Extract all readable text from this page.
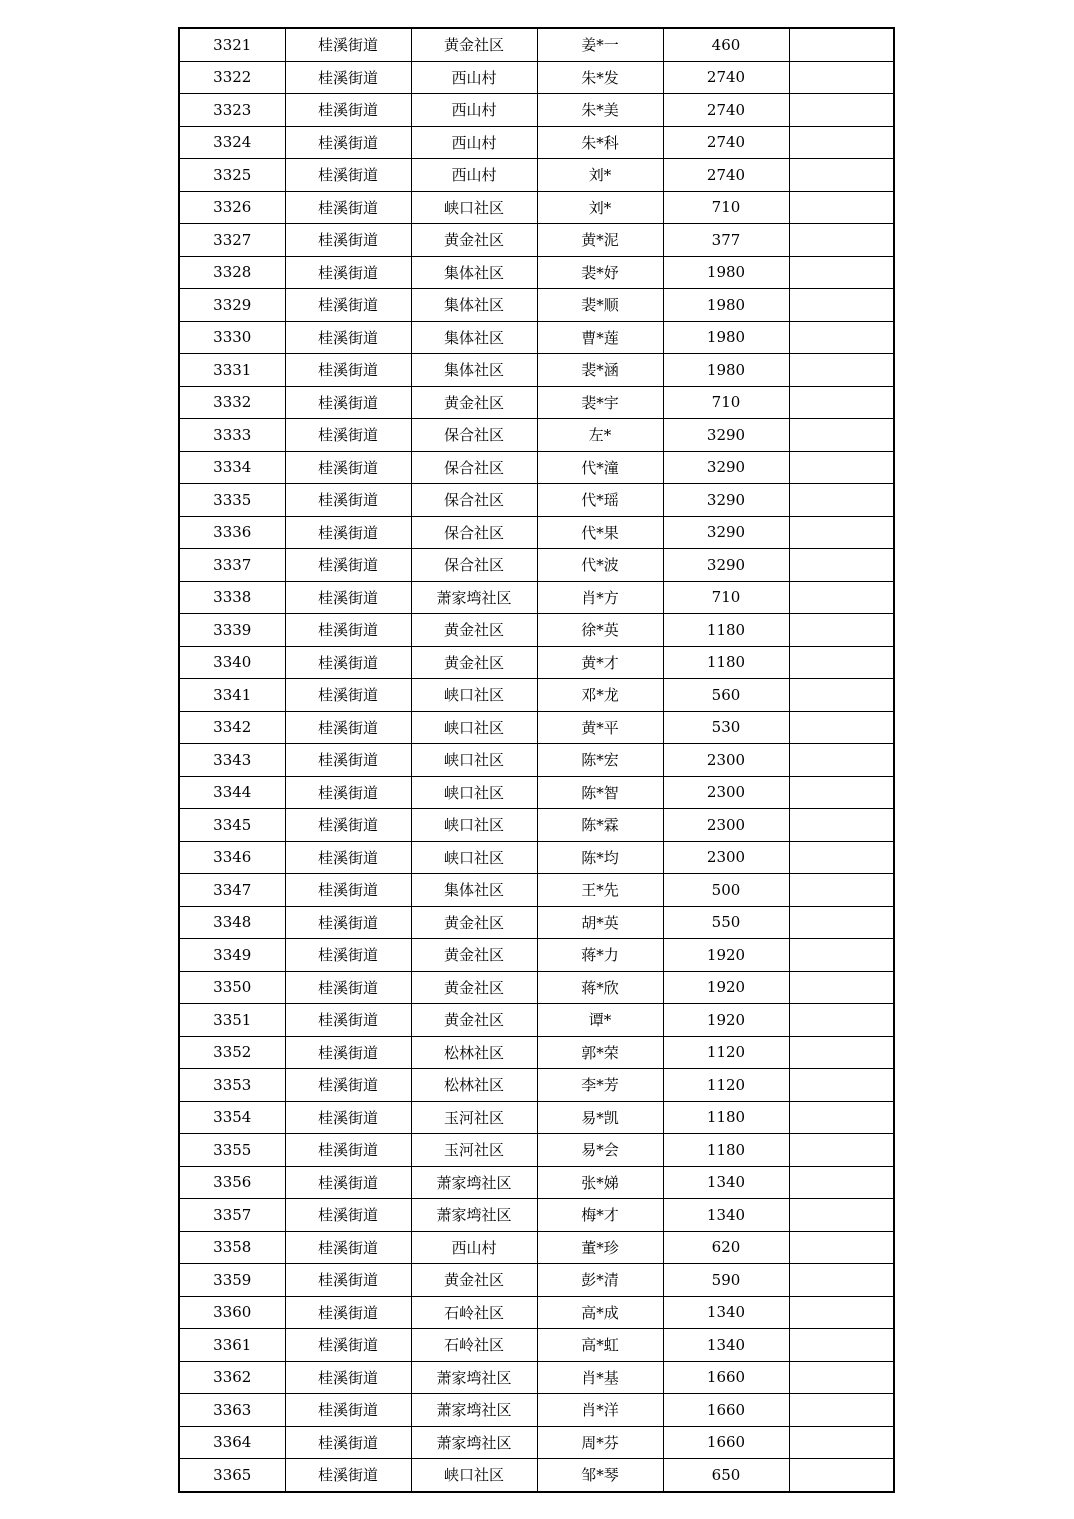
3321	桂溪街道	黄金社区	姜*一	460	
3322	桂溪街道	西山村	朱*发	2740	
3323	桂溪街道	西山村	朱*美	2740	
3324	桂溪街道	西山村	朱*科	2740	
3325	桂溪街道	西山村	刘*	2740	
3326	桂溪街道	峡口社区	刘*	710	
3327	桂溪街道	黄金社区	黄*泥	377	
3328	桂溪街道	集体社区	裴*妤	1980	
3329	桂溪街道	集体社区	裴*顺	1980	
3330	桂溪街道	集体社区	曹*莲	1980	
3331	桂溪街道	集体社区	裴*涵	1980	
3332	桂溪街道	黄金社区	裴*宇	710	
3333	桂溪街道	保合社区	左*	3290	
3334	桂溪街道	保合社区	代*潼	3290	
3335	桂溪街道	保合社区	代*瑶	3290	
3336	桂溪街道	保合社区	代*果	3290	
3337	桂溪街道	保合社区	代*波	3290	
3338	桂溪街道	萧家塆社区	肖*方	710	
3339	桂溪街道	黄金社区	徐*英	1180	
3340	桂溪街道	黄金社区	黄*才	1180	
3341	桂溪街道	峡口社区	邓*龙	560	
3342	桂溪街道	峡口社区	黄*平	530	
3343	桂溪街道	峡口社区	陈*宏	2300	
3344	桂溪街道	峡口社区	陈*智	2300	
3345	桂溪街道	峡口社区	陈*霖	2300	
3346	桂溪街道	峡口社区	陈*均	2300	
3347	桂溪街道	集体社区	王*先	500	
3348	桂溪街道	黄金社区	胡*英	550	
3349	桂溪街道	黄金社区	蒋*力	1920	
3350	桂溪街道	黄金社区	蒋*欣	1920	
3351	桂溪街道	黄金社区	谭*	1920	
3352	桂溪街道	松林社区	郭*荣	1120	
3353	桂溪街道	松林社区	李*芳	1120	
3354	桂溪街道	玉河社区	易*凯	1180	
3355	桂溪街道	玉河社区	易*会	1180	
3356	桂溪街道	萧家塆社区	张*娣	1340	
3357	桂溪街道	萧家塆社区	梅*才	1340	
3358	桂溪街道	西山村	董*珍	620	
3359	桂溪街道	黄金社区	彭*清	590	
3360	桂溪街道	石岭社区	高*成	1340	
3361	桂溪街道	石岭社区	高*虹	1340	
3362	桂溪街道	萧家塆社区	肖*基	1660	
3363	桂溪街道	萧家塆社区	肖*洋	1660	
3364	桂溪街道	萧家塆社区	周*芬	1660	
3365	桂溪街道	峡口社区	邹*琴	650	
